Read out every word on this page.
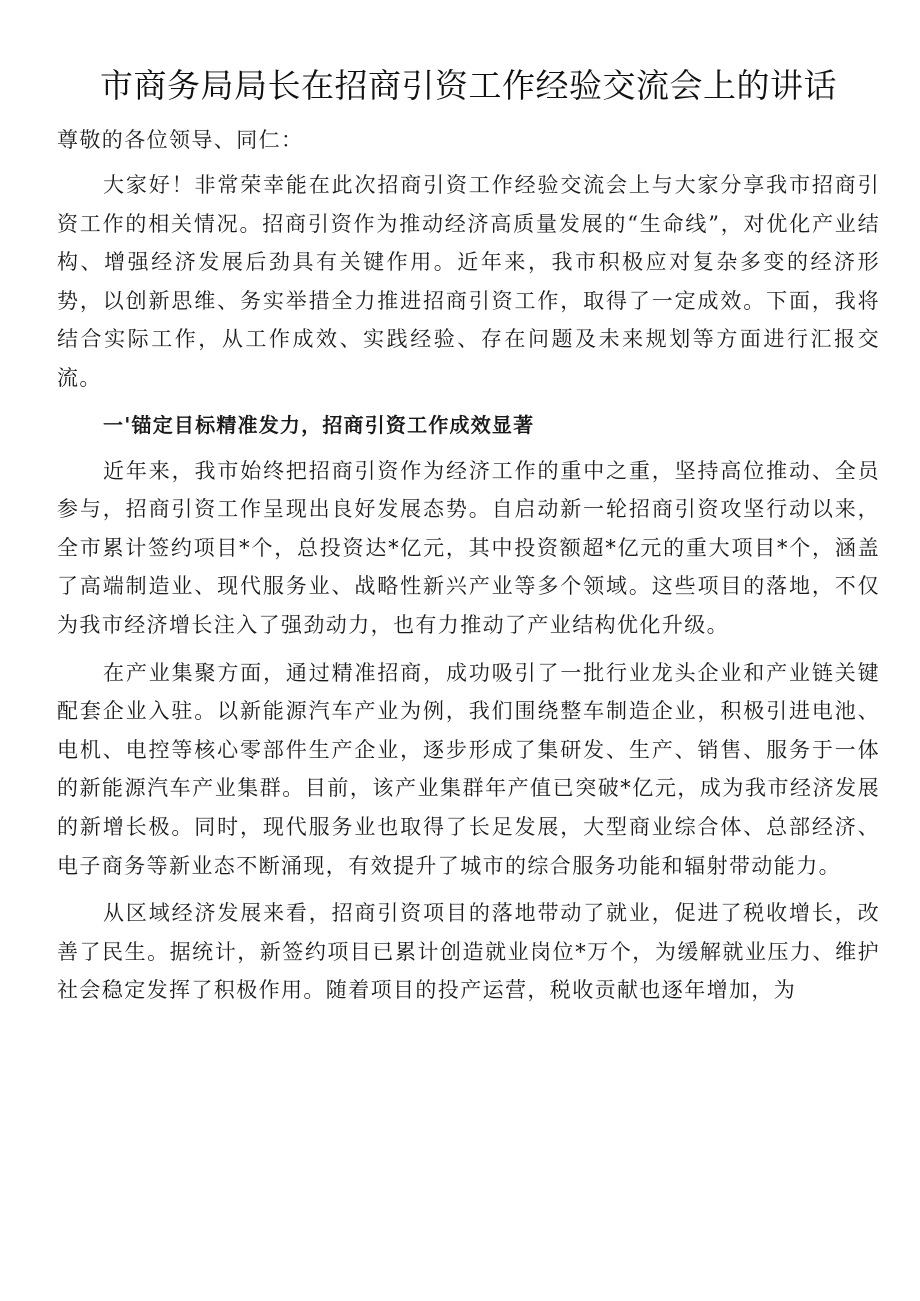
市商务局局长在招商引资工作经验交流会上的讲话

尊敬的各位领导、同仁：

大家好！非常荣幸能在此次招商引资工作经验交流会上与大家分享我市招商引资工作的相关情况。招商引资作为推动经济高质量发展的“生命线”，对优化产业结构、增强经济发展后劲具有关键作用。近年来，我市积极应对复杂多变的经济形势，以创新思维、务实举措全力推进招商引资工作，取得了一定成效。下面，我将结合实际工作，从工作成效、实践经验、存在问题及未来规划等方面进行汇报交流。

一'锚定目标精准发力，招商引资工作成效显著

近年来，我市始终把招商引资作为经济工作的重中之重，坚持高位推动、全员参与，招商引资工作呈现出良好发展态势。自启动新一轮招商引资攻坚行动以来，全市累计签约项目*个，总投资达*亿元，其中投资额超*亿元的重大项目*个，涵盖了高端制造业、现代服务业、战略性新兴产业等多个领域。这些项目的落地，不仅为我市经济增长注入了强劲动力，也有力推动了产业结构优化升级。

在产业集聚方面，通过精准招商，成功吸引了一批行业龙头企业和产业链关键配套企业入驻。以新能源汽车产业为例，我们围绕整车制造企业，积极引进电池、电机、电控等核心零部件生产企业，逐步形成了集研发、生产、销售、服务于一体的新能源汽车产业集群。目前，该产业集群年产值已突破*亿元，成为我市经济发展的新增长极。同时，现代服务业也取得了长足发展，大型商业综合体、总部经济、电子商务等新业态不断涌现，有效提升了城市的综合服务功能和辐射带动能力。

从区域经济发展来看，招商引资项目的落地带动了就业，促进了税收增长，改善了民生。据统计，新签约项目已累计创造就业岗位*万个，为缓解就业压力、维护社会稳定发挥了积极作用。随着项目的投产运营，税收贡献也逐年增加，为
